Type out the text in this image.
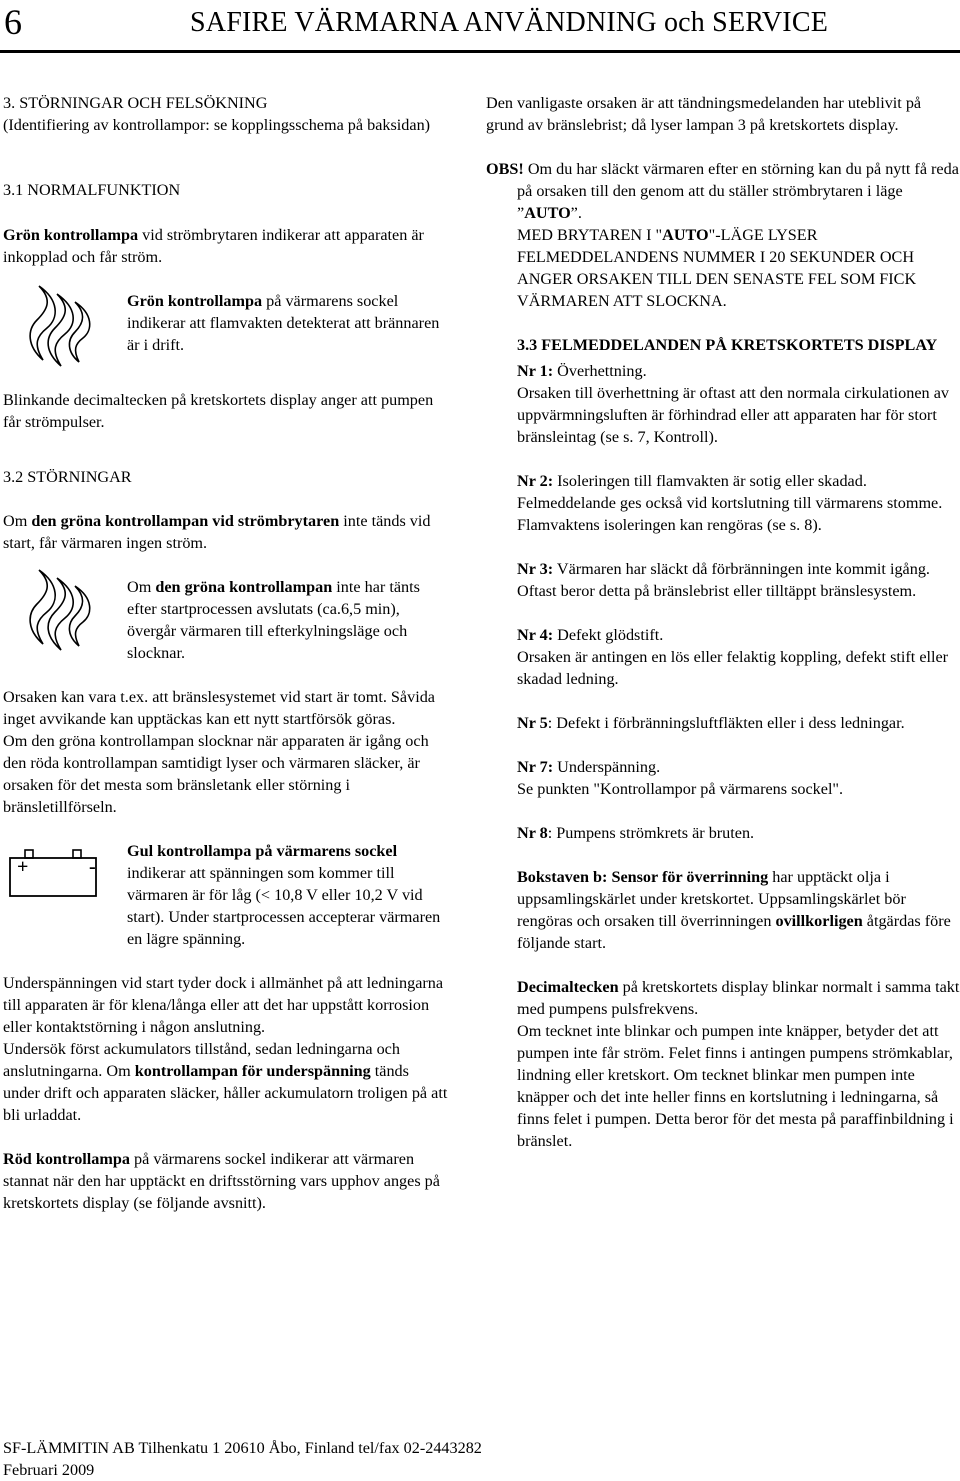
6	SAFIRE VÄRMARNA ANVÄNDNING och SERVICE

3. STÖRNINGAR OCH FELSÖKNING

(Identifiering av kontrollampor: se kopplingsschema på baksidan)

3.1 NORMALFUNKTION

Grön kontrollampa vid strömbrytaren indikerar att apparaten är inkopplad och får ström.

Grön kontrollampa på värmarens sockel indikerar att flamvakten detekterat att brännaren är i drift.

Blinkande decimaltecken på kretskortets display anger att pumpen får strömpulser.

3.2 STÖRNINGAR

Om den gröna kontrollampan vid strömbrytaren inte tänds vid start, får värmaren ingen ström.

Om den gröna kontrollampan inte har tänts efter startprocessen avslutats (ca.6,5 min), övergår värmaren till efterkylningsläge och slocknar.

Orsaken kan vara t.ex. att bränslesystemet vid start är tomt. Såvida inget avvikande kan upptäckas kan ett nytt startförsök göras.

Om den gröna kontrollampan slocknar när apparaten är igång och den röda kontrollampan samtidigt lyser och värmaren släcker, är orsaken för det mesta som bränsletank eller störning i bränsletillförseln.

+	-

Gul kontrollampa på värmarens sockel indikerar att spänningen som kommer till värmaren är för låg (< 10,8 V eller 10,2 V vid start). Under startprocessen accepterar värmaren en lägre spänning.

Underspänningen vid start tyder dock i allmänhet på att ledningarna till apparaten är för klena/långa eller att det har uppstått korrosion eller kontaktstörning i någon anslutning.

Undersök först ackumulators tillstånd, sedan ledningarna och anslutningarna. Om kontrollampan för underspänning tänds under drift och apparaten släcker, håller ackumulatorn troligen på att bli urladdat.

Röd kontrollampa på värmarens sockel indikerar att värmaren stannat när den har upptäckt en driftsstörning vars upphov anges på kretskortets display (se följande avsnitt).

Den vanligaste orsaken är att tändningsmedelanden har uteblivit på grund av bränslebrist; då lyser lampan 3 på kretskortets display.

OBS! Om du har släckt värmaren efter en störning kan du på nytt få reda på orsaken till den genom att du ställer strömbrytaren i läge ”AUTO”.

MED BRYTAREN I "AUTO"-LÄGE LYSER FELMEDDELANDENS NUMMER I 20 SEKUNDER OCH ANGER ORSAKEN TILL DEN SENASTE FEL SOM FICK VÄRMAREN ATT SLOCKNA.

3.3 FELMEDDELANDEN PÅ KRETSKORTETS DISPLAY

Nr 1: Överhettning.

Orsaken till överhettning är oftast att den normala cirkulationen av uppvärmningsluften är förhindrad eller att apparaten har för stort bränsleintag (se s. 7, Kontroll).

Nr 2: Isoleringen till flamvakten är sotig eller skadad. Felmeddelande ges också vid kortslutning till värmarens stomme. Flamvaktens isoleringen kan rengöras (se s. 8).

Nr 3: Värmaren har släckt då förbränningen inte kommit igång.

Oftast beror detta på bränslebrist eller tilltäppt bränslesystem.

Nr 4: Defekt glödstift.

Orsaken är antingen en lös eller felaktig koppling, defekt stift eller skadad ledning.

Nr 5: Defekt i förbränningsluftfläkten eller i dess ledningar.

Nr 7: Underspänning.

Se punkten "Kontrollampor på värmarens sockel".

Nr 8: Pumpens strömkrets är bruten.

Bokstaven b: Sensor för överrinning har upptäckt olja i uppsamlingskärlet under kretskortet. Uppsamlingskärlet bör rengöras och orsaken till överrinningen ovillkorligen åtgärdas före följande start.

Decimaltecken på kretskortets display blinkar normalt i samma takt med pumpens pulsfrekvens.

Om tecknet inte blinkar och pumpen inte knäpper, betyder det att pumpen inte får ström. Felet finns i antingen pumpens strömkablar, lindning eller kretskort. Om tecknet blinkar men pumpen inte knäpper och det inte heller finns en kortslutning i ledningarna, så finns felet i pumpen. Detta beror för det mesta på paraffinbildning i bränslet.

SF-LÄMMITIN AB Tilhenkatu 1 20610 Åbo, Finland tel/fax 02-2443282
Februari 2009
